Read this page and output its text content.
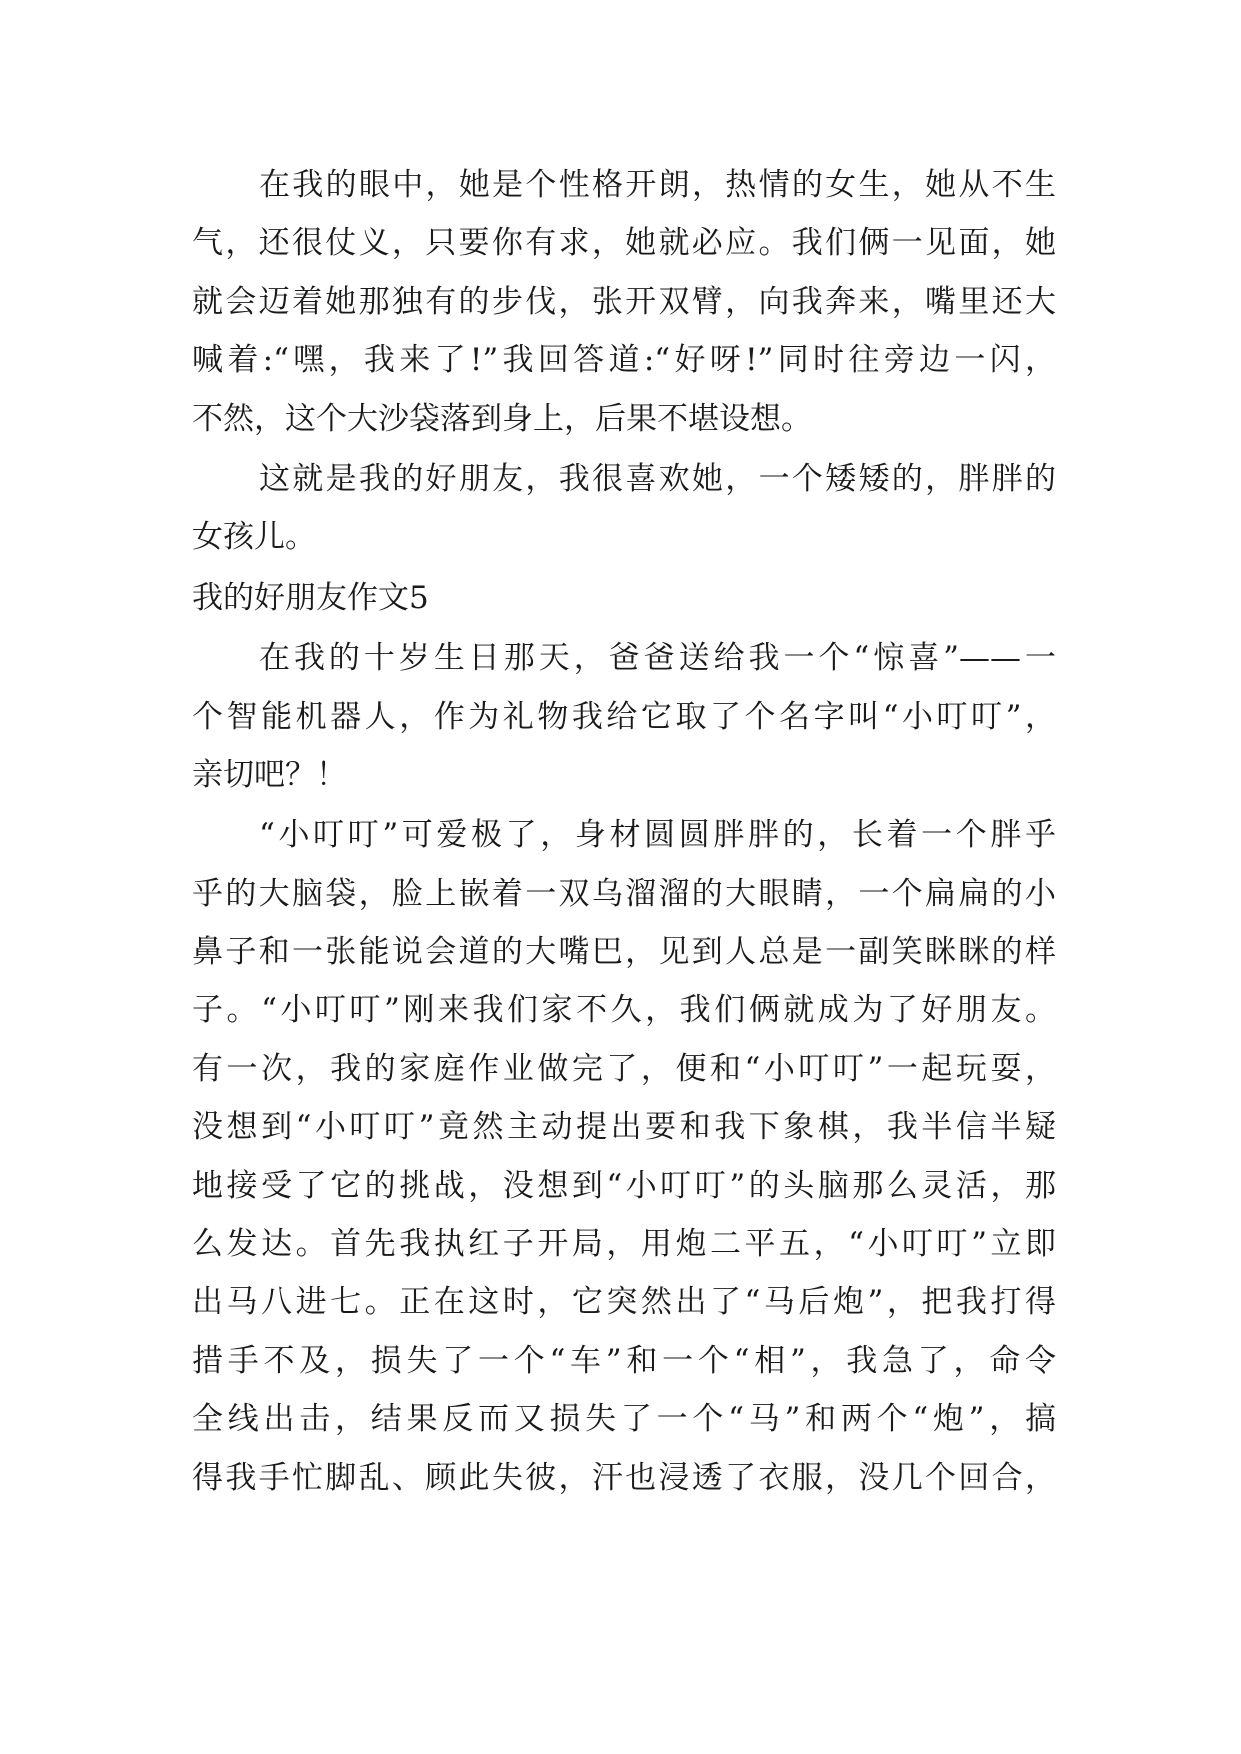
在我的眼中，她是个性格开朗，热情的女生，她从不生
气，还很仗义，只要你有求，她就必应。我们俩一见面，她
就会迈着她那独有的步伐，张开双臂，向我奔来，嘴里还大
喊着:“嘿，我来了!”我回答道:“好呀!”同时往旁边一闪，
不然，这个大沙袋落到身上，后果不堪设想。
这就是我的好朋友，我很喜欢她，一个矮矮的，胖胖的
女孩儿。
我的好朋友作文5
在我的十岁生日那天，爸爸送给我一个“惊喜”——一
个智能机器人，作为礼物我给它取了个名字叫“小叮叮”，
亲切吧？！
“小叮叮”可爱极了，身材圆圆胖胖的，长着一个胖乎
乎的大脑袋，脸上嵌着一双乌溜溜的大眼睛，一个扁扁的小
鼻子和一张能说会道的大嘴巴，见到人总是一副笑眯眯的样
子。“小叮叮”刚来我们家不久，我们俩就成为了好朋友。
有一次，我的家庭作业做完了，便和“小叮叮”一起玩耍，
没想到“小叮叮”竟然主动提出要和我下象棋，我半信半疑
地接受了它的挑战，没想到“小叮叮”的头脑那么灵活，那
么发达。首先我执红子开局，用炮二平五，“小叮叮”立即
出马八进七。正在这时，它突然出了“马后炮”，把我打得
措手不及，损失了一个“车”和一个“相”，我急了，命令
全线出击，结果反而又损失了一个“马”和两个“炮”，搞
得我手忙脚乱、顾此失彼，汗也浸透了衣服，没几个回合，
